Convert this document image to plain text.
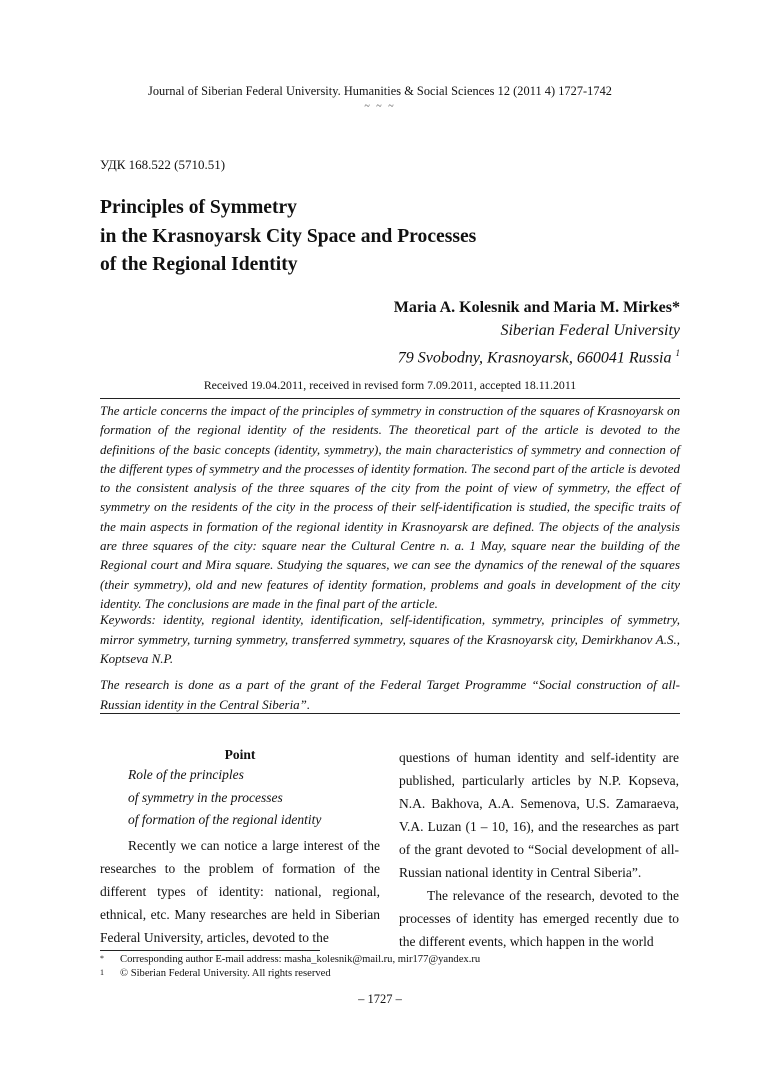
Journal of Siberian Federal University. Humanities & Social Sciences 12 (2011 4) 1727-1742
~ ~ ~
УДК 168.522 (5710.51)
Principles of Symmetry
in the Krasnoyarsk City Space and Processes
of the Regional Identity
Maria A. Kolesnik and Maria M. Mirkes*
Siberian Federal University
79 Svobodny, Krasnoyarsk, 660041 Russia $^1$
Received 19.04.2011, received in revised form 7.09.2011, accepted 18.11.2011

The article concerns the impact of the principles of symmetry in construction of the squares of Krasnoyarsk on formation of the regional identity of the residents. The theoretical part of the article is devoted to the definitions of the basic concepts (identity, symmetry), the main characteristics of symmetry and connection of the different types of symmetry and the processes of identity formation. The second part of the article is devoted to the consistent analysis of the three squares of the city from the point of view of symmetry, the effect of symmetry on the residents of the city in the process of their self-identification is studied, the specific traits of the main aspects in formation of the regional identity in Krasnoyarsk are defined. The objects of the analysis are three squares of the city: square near the Cultural Centre n. a. 1 May, square near the building of the Regional court and Mira square. Studying the squares, we can see the dynamics of the renewal of the squares (their symmetry), old and new features of identity formation, problems and goals in development of the city identity. The conclusions are made in the final part of the article.

Keywords: identity, regional identity, identification, self-identification, symmetry, principles of symmetry, mirror symmetry, turning symmetry, transferred symmetry, squares of the Krasnoyarsk city, Demirkhanov A.S., Koptseva N.P.

The research is done as a part of the grant of the Federal Target Programme “Social construction of all-Russian identity in the Central Siberia”.

Point
Role of the principles
of symmetry in the processes
of formation of the regional identity

Recently we can notice a large interest of the researches to the problem of formation of the different types of identity: national, regional, ethnical, etc. Many researches are held in Siberian Federal University, articles, devoted to the

questions of human identity and self-identity are published, particularly articles by N.P. Kopseva, N.A. Bakhova, A.A. Semenova, U.S. Zamaraeva, V.A. Luzan (1 – 10, 16), and the researches as part of the grant devoted to “Social development of all-Russian national identity in Central Siberia”.

The relevance of the research, devoted to the processes of identity has emerged recently due to the different events, which happen in the world

* Corresponding author E-mail address: masha_kolesnik@mail.ru, mir177@yandex.ru
1 © Siberian Federal University. All rights reserved
– 1727 –
